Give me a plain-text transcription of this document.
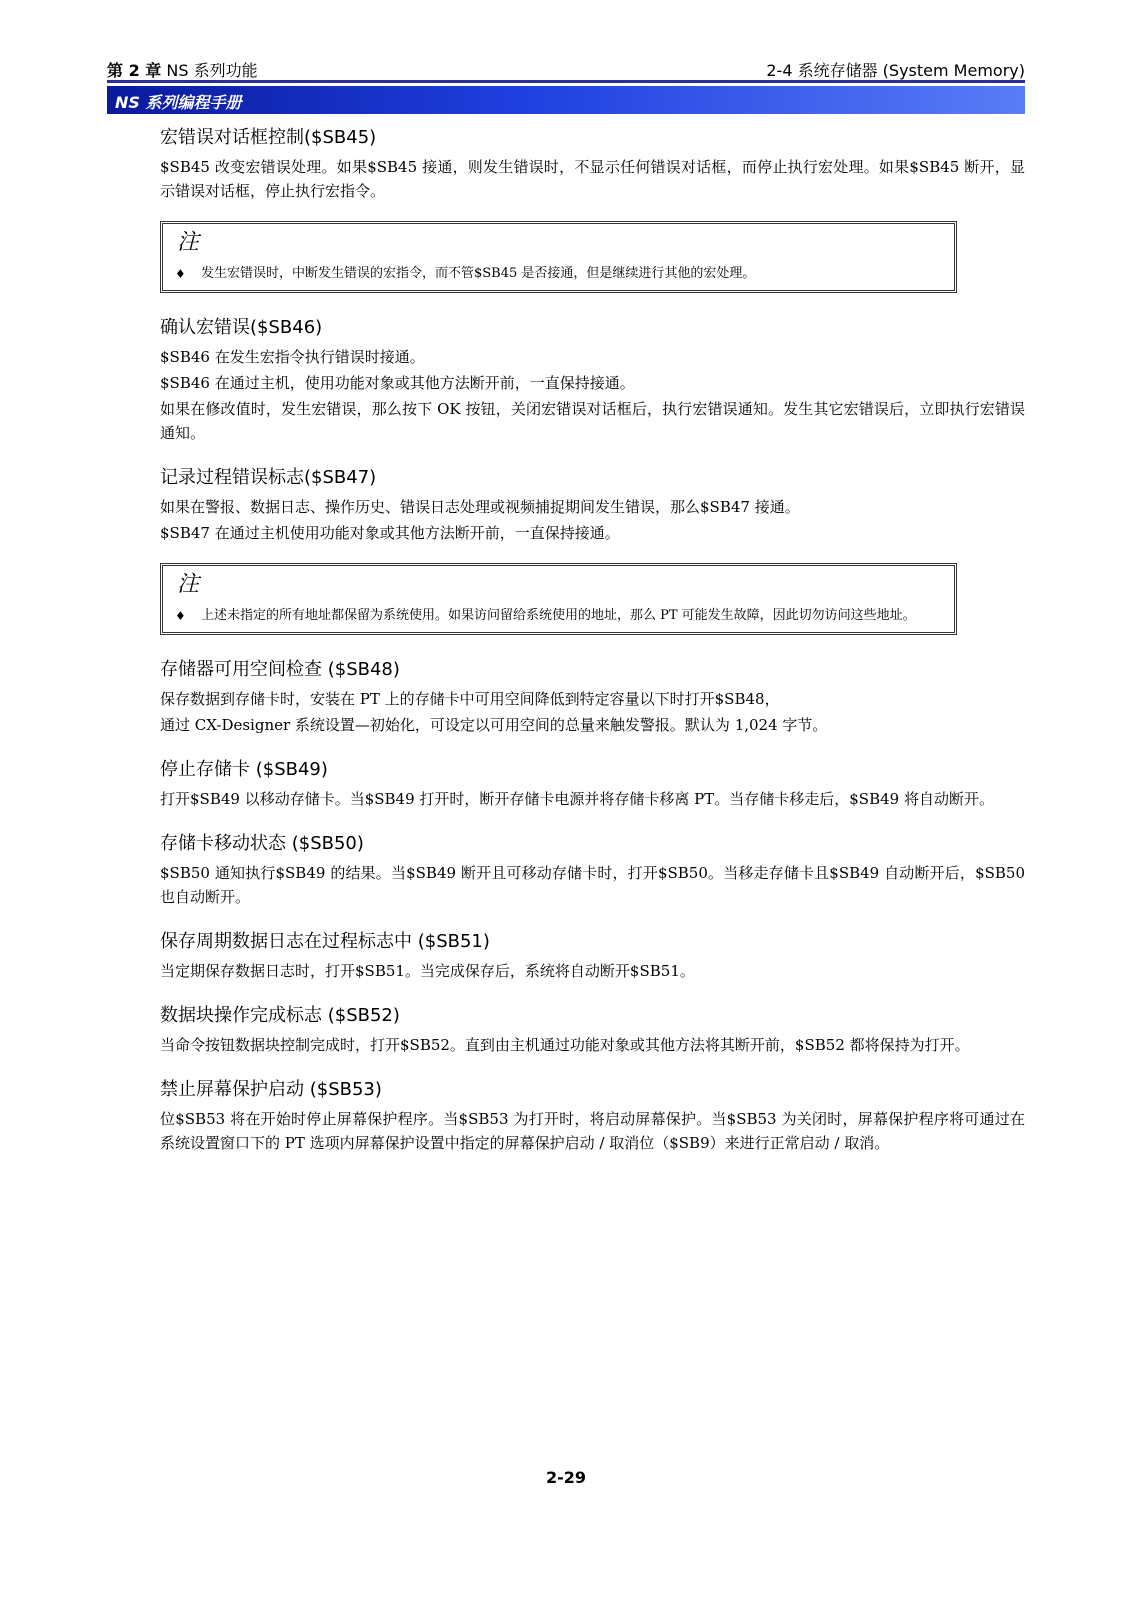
第 2 章 NS 系列功能	2-4 系统存储器 (System Memory)
NS 系列编程手册
宏错误对话框控制($SB45)

$SB45 改变宏错误处理。如果$SB45 接通，则发生错误时，不显示任何错误对话框，而停止执行宏处理。如果$SB45 断开，显示错误对话框，停止执行宏指令。

注
♦ 发生宏错误时，中断发生错误的宏指令，而不管$SB45 是否接通，但是继续进行其他的宏处理。
确认宏错误($SB46)

$SB46 在发生宏指令执行错误时接通。

$SB46 在通过主机，使用功能对象或其他方法断开前，一直保持接通。

如果在修改值时，发生宏错误，那么按下 OK 按钮，关闭宏错误对话框后，执行宏错误通知。发生其它宏错误后，立即执行宏错误通知。

记录过程错误标志($SB47)

如果在警报、数据日志、操作历史、错误日志处理或视频捕捉期间发生错误，那么$SB47 接通。

$SB47 在通过主机使用功能对象或其他方法断开前，一直保持接通。

注
♦ 上述未指定的所有地址都保留为系统使用。如果访问留给系统使用的地址，那么 PT 可能发生故障，因此切勿访问这些地址。
存储器可用空间检查 ($SB48)

保存数据到存储卡时，安装在 PT 上的存储卡中可用空间降低到特定容量以下时打开$SB48，

通过 CX-Designer 系统设置—初始化，可设定以可用空间的总量来触发警报。默认为 1,024 字节。

停止存储卡 ($SB49)

打开$SB49 以移动存储卡。当$SB49 打开时，断开存储卡电源并将存储卡移离 PT。当存储卡移走后，$SB49 将自动断开。

存储卡移动状态 ($SB50)

$SB50 通知执行$SB49 的结果。当$SB49 断开且可移动存储卡时，打开$SB50。当移走存储卡且$SB49 自动断开后，$SB50 也自动断开。

保存周期数据日志在过程标志中 ($SB51)

当定期保存数据日志时，打开$SB51。当完成保存后，系统将自动断开$SB51。

数据块操作完成标志 ($SB52)

当命令按钮数据块控制完成时，打开$SB52。直到由主机通过功能对象或其他方法将其断开前，$SB52 都将保持为打开。

禁止屏幕保护启动 ($SB53)

位$SB53 将在开始时停止屏幕保护程序。当$SB53 为打开时，将启动屏幕保护。当$SB53 为关闭时，屏幕保护程序将可通过在系统设置窗口下的 PT 选项内屏幕保护设置中指定的屏幕保护启动 / 取消位（$SB9）来进行正常启动 / 取消。

2-29
